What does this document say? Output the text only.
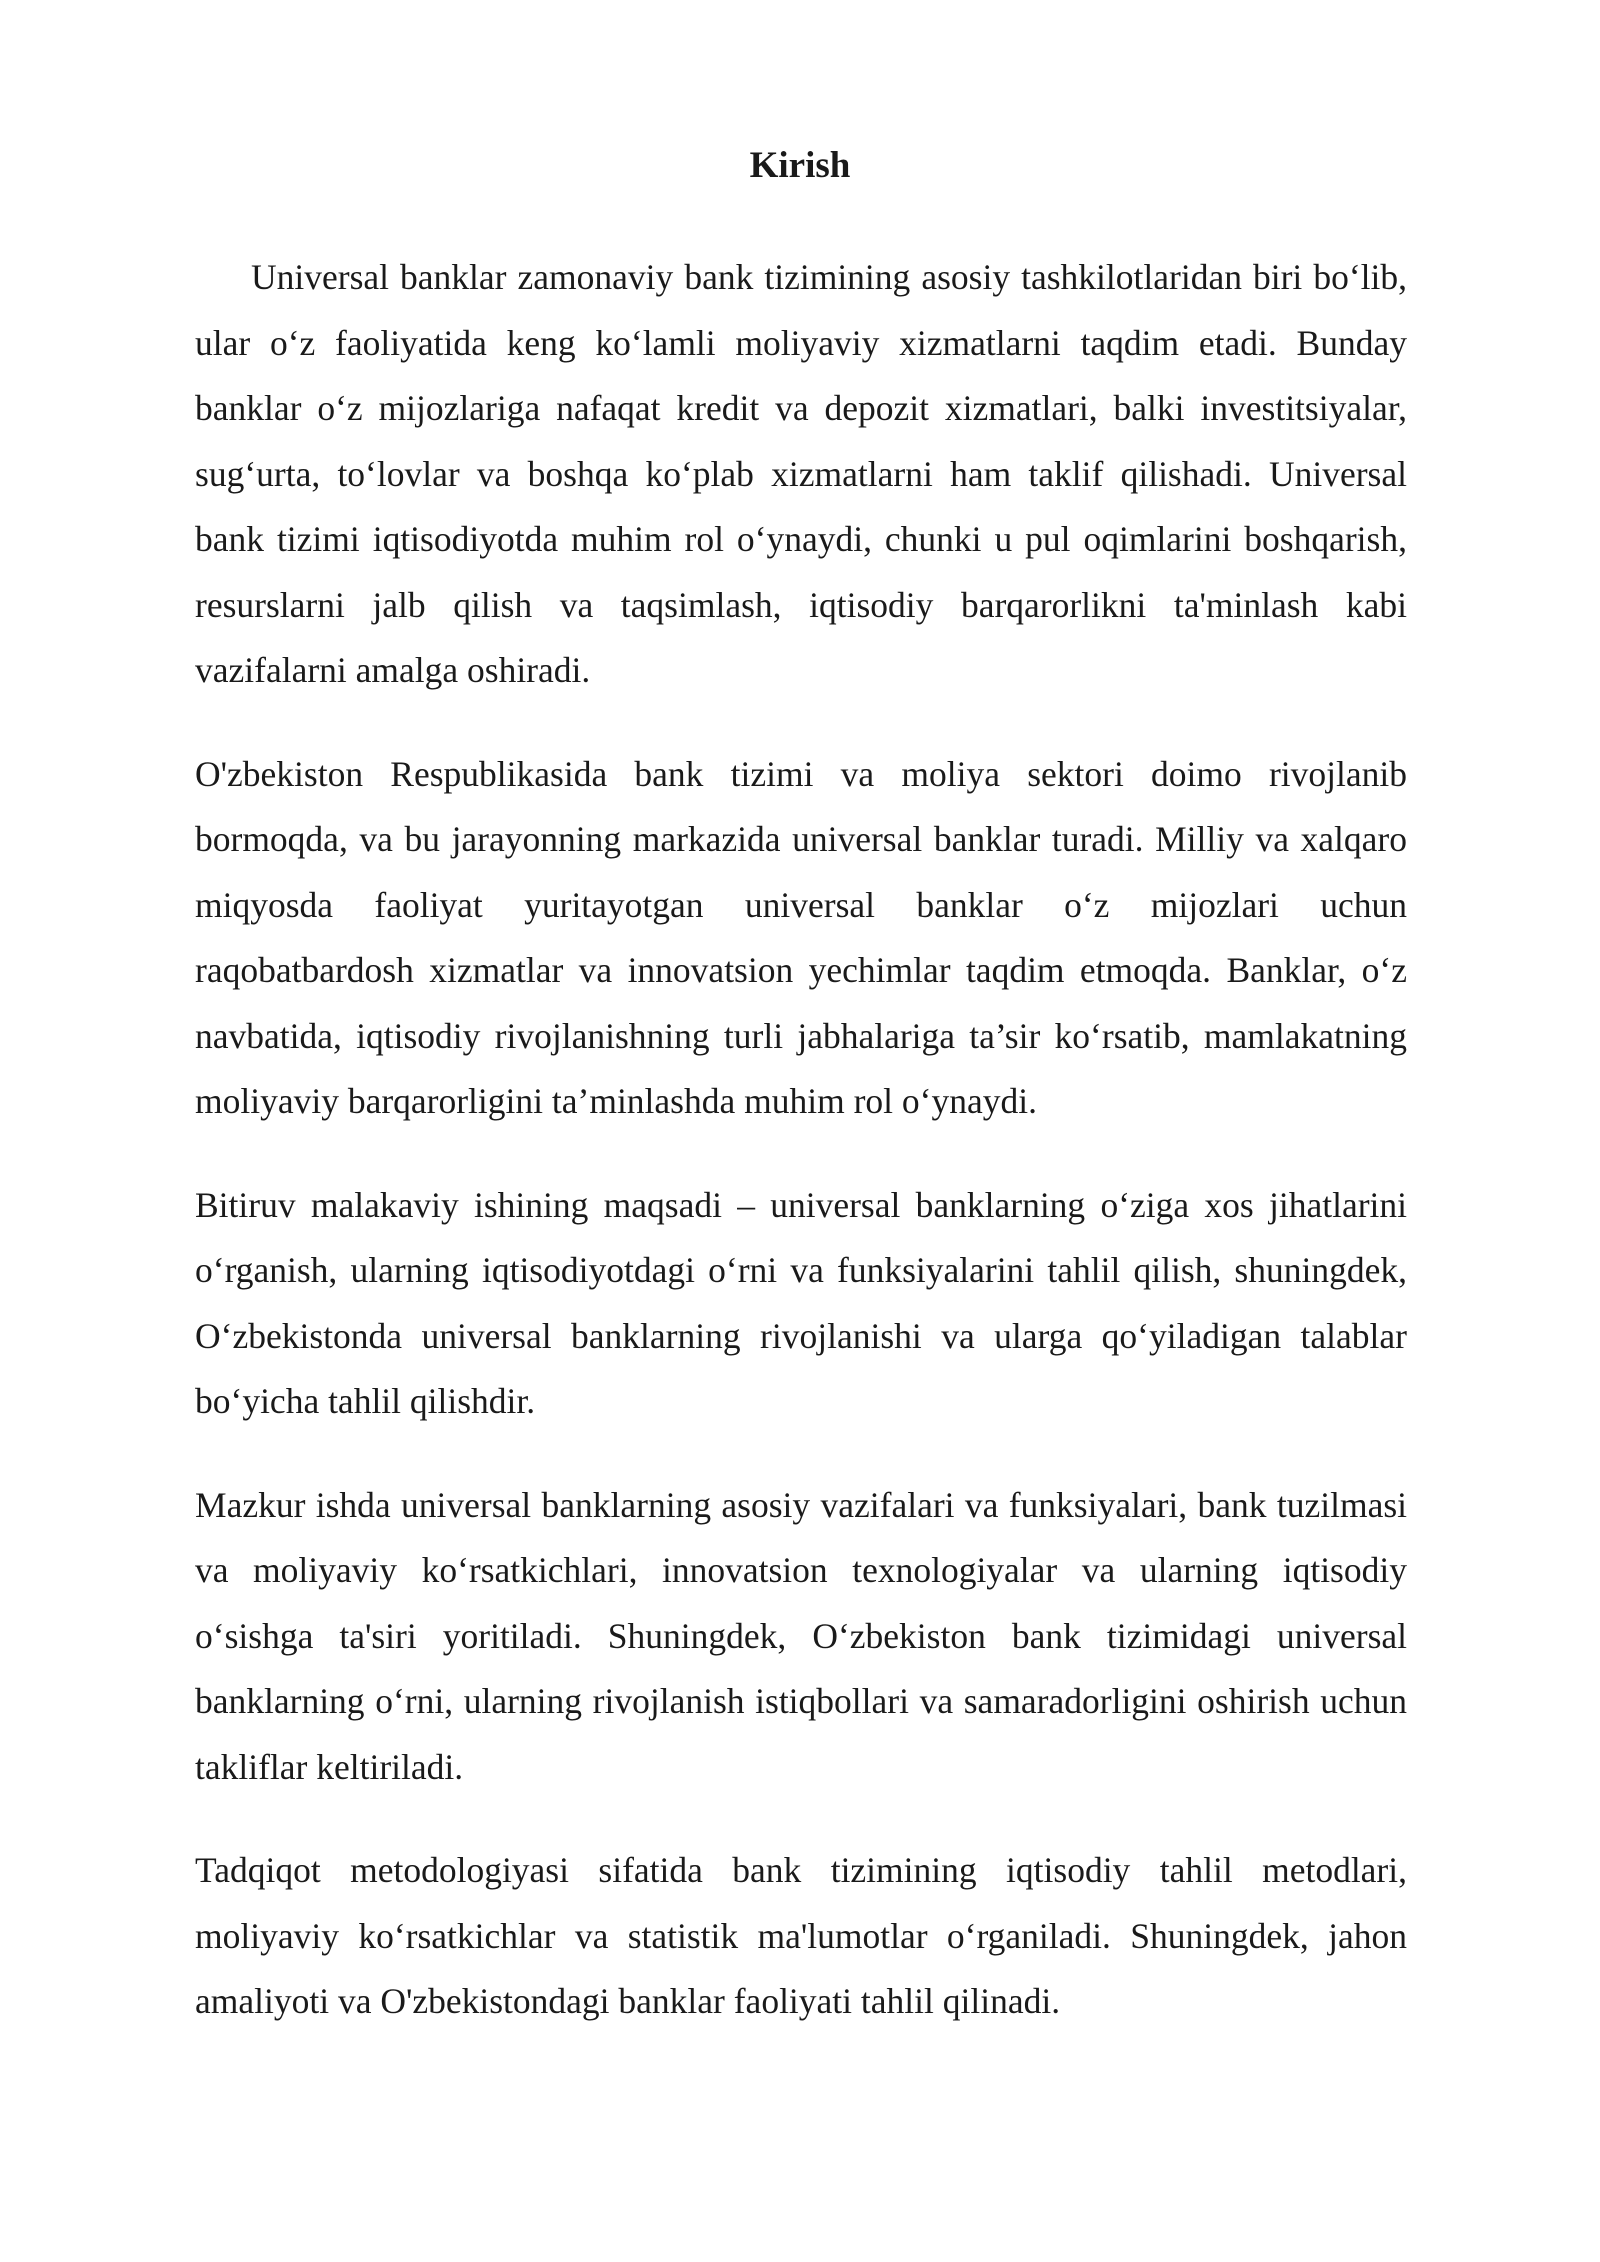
Kirish

Universal banklar zamonaviy bank tizimining asosiy tashkilotlaridan biri bo‘lib, ular o‘z faoliyatida keng ko‘lamli moliyaviy xizmatlarni taqdim etadi. Bunday banklar o‘z mijozlariga nafaqat kredit va depozit xizmatlari, balki investitsiyalar, sug‘urta, to‘lovlar va boshqa ko‘plab xizmatlarni ham taklif qilishadi. Universal bank tizimi iqtisodiyotda muhim rol o‘ynaydi, chunki u pul oqimlarini boshqarish, resurslarni jalb qilish va taqsimlash, iqtisodiy barqarorlikni ta'minlash kabi vazifalarni amalga oshiradi.

O'zbekiston Respublikasida bank tizimi va moliya sektori doimo rivojlanib bormoqda, va bu jarayonning markazida universal banklar turadi. Milliy va xalqaro miqyosda faoliyat yuritayotgan universal banklar o‘z mijozlari uchun raqobatbardosh xizmatlar va innovatsion yechimlar taqdim etmoqda. Banklar, o‘z navbatida, iqtisodiy rivojlanishning turli jabhalariga ta’sir ko‘rsatib, mamlakatning moliyaviy barqarorligini ta’minlashda muhim rol o‘ynaydi.

Bitiruv malakaviy ishining maqsadi – universal banklarning o‘ziga xos jihatlarini o‘rganish, ularning iqtisodiyotdagi o‘rni va funksiyalarini tahlil qilish, shuningdek, O‘zbekistonda universal banklarning rivojlanishi va ularga qo‘yiladigan talablar bo‘yicha tahlil qilishdir.

Mazkur ishda universal banklarning asosiy vazifalari va funksiyalari, bank tuzilmasi va moliyaviy ko‘rsatkichlari, innovatsion texnologiyalar va ularning iqtisodiy o‘sishga ta'siri yoritiladi. Shuningdek, O‘zbekiston bank tizimidagi universal banklarning o‘rni, ularning rivojlanish istiqbollari va samaradorligini oshirish uchun takliflar keltiriladi.

Tadqiqot metodologiyasi sifatida bank tizimining iqtisodiy tahlil metodlari, moliyaviy ko‘rsatkichlar va statistik ma'lumotlar o‘rganiladi. Shuningdek, jahon amaliyoti va O'zbekistondagi banklar faoliyati tahlil qilinadi.
